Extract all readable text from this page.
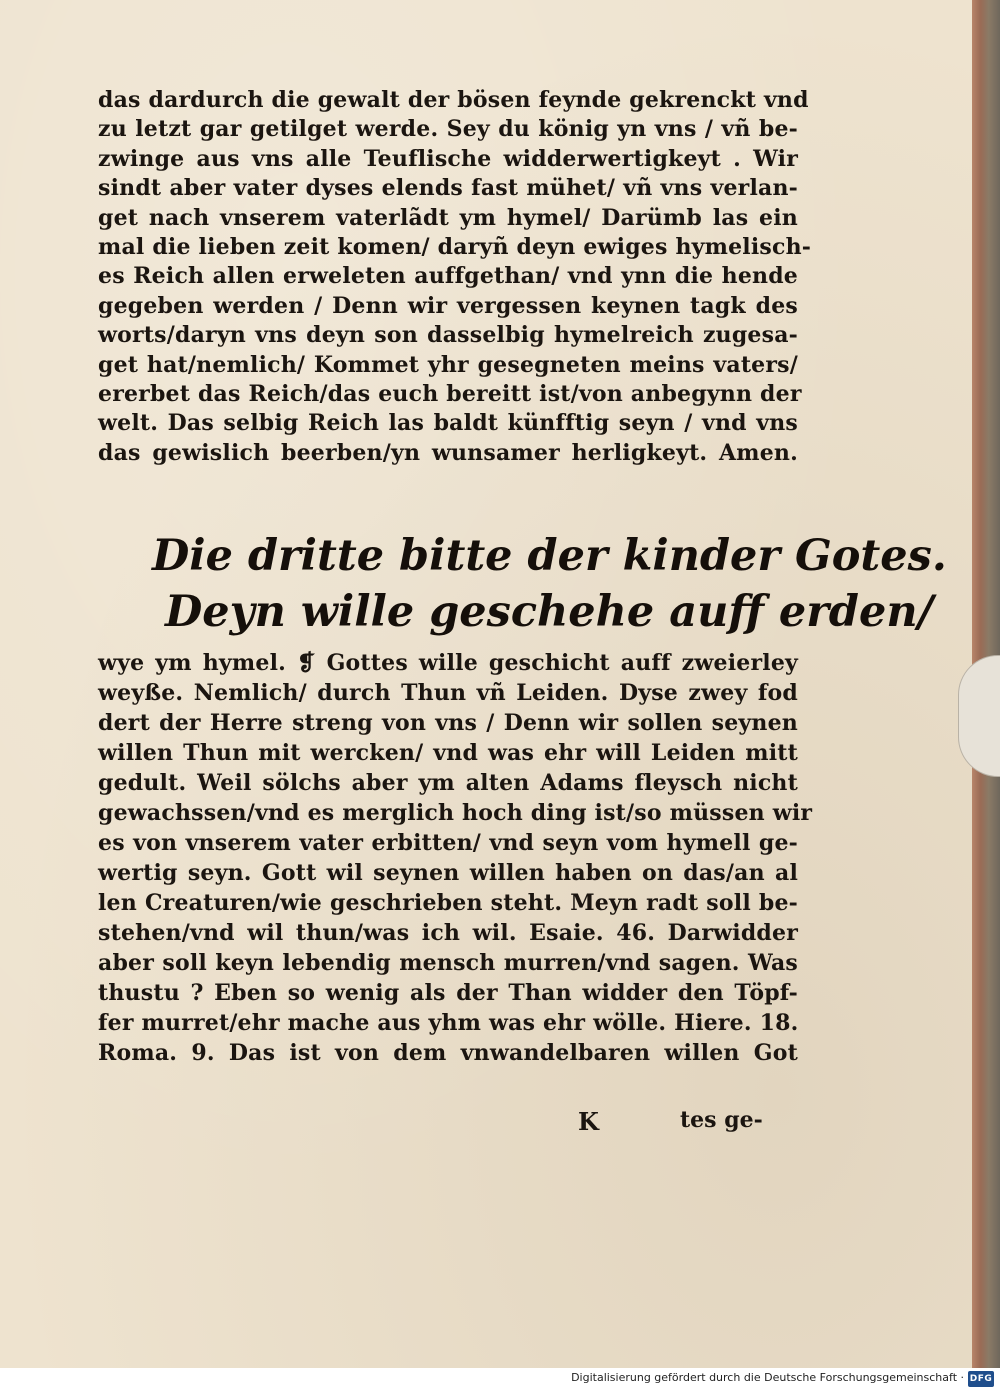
das dardurch die gewalt der bösen feynde gekrenckt vnd
zu letzt gar getilget werde. Sey du könig yn vns / vñ be-
zwinge aus vns alle Teuflische widderwertigkeyt . Wir
sindt aber vater dyses elends fast mühet/ vñ vns verlan-
get nach vnserem vaterlãdt ym hymel/ Darümb las ein
mal die lieben zeit komen/ daryñ deyn ewiges hymelisch-
es Reich allen erweleten auffgethan/ vnd ynn die hende
gegeben werden / Denn wir vergessen keynen tagk des
worts/daryn vns deyn son dasselbig hymelreich zugesa-
get hat/nemlich/ Kommet yhr gesegneten meins vaters/
ererbet das Reich/das euch bereitt ist/von anbegynn der
welt. Das selbig Reich las baldt künfftig seyn / vnd vns
das gewislich beerben/yn wunsamer herligkeyt. Amen.
Die dritte bitte der kinder Gotes.
Deyn wille geschehe auff erden/
wye ym hymel. ❡ Gottes wille geschicht auff zweierley
weyße. Nemlich/ durch Thun vñ Leiden. Dyse zwey fod
dert der Herre streng von vns / Denn wir sollen seynen
willen Thun mit wercken/ vnd was ehr will Leiden mitt
gedult. Weil sölchs aber ym alten Adams fleysch nicht
gewachssen/vnd es merglich hoch ding ist/so müssen wir
es von vnserem vater erbitten/ vnd seyn vom hymell ge-
wertig seyn. Gott wil seynen willen haben on das/an al
len Creaturen/wie geschrieben steht. Meyn radt soll be-
stehen/vnd wil thun/was ich wil. Esaie. 46. Darwidder
aber soll keyn lebendig mensch murren/vnd sagen. Was
thustu ? Eben so wenig als der Than widder den Töpf-
fer murret/ehr mache aus yhm was ehr wölle. Hiere. 18.
Roma. 9. Das ist von dem vnwandelbaren willen Got
K	tes ge-
Digitalisierung gefördert durch die Deutsche Forschungsgemeinschaft · DFG
